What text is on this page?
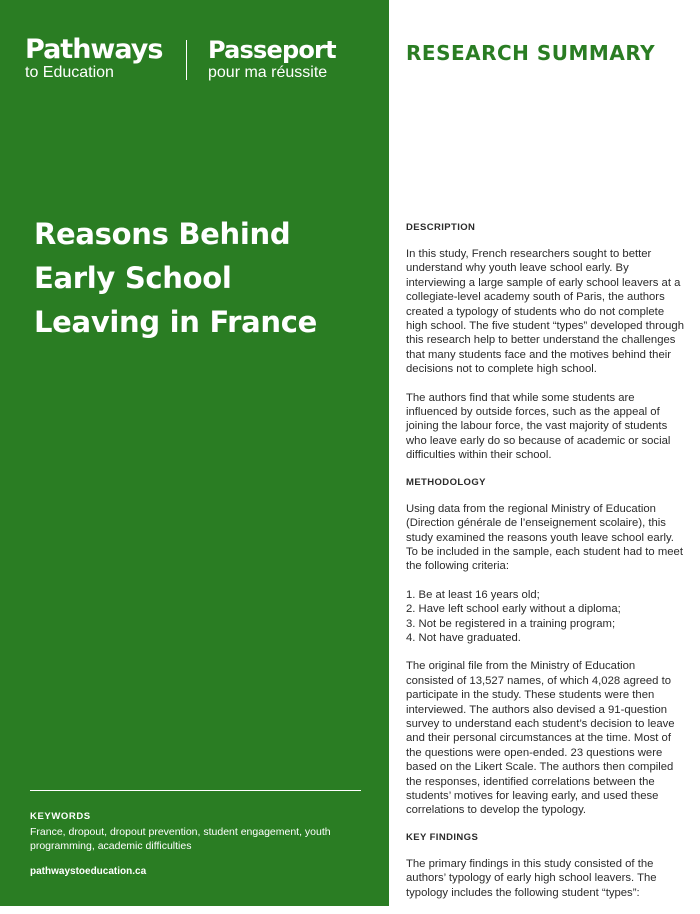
Pathways
to Education
Passeport
pour ma réussite
Reasons Behind
Early School
Leaving in France
KEYWORDS
France, dropout, dropout prevention, student engagement, youth programming, academic difficulties
pathwaystoeducation.ca
RESEARCH SUMMARY
DESCRIPTION

In this study, French researchers sought to better understand why youth leave school early. By interviewing a large sample of early school leavers at a collegiate-level academy south of Paris, the authors created a typology of students who do not complete high school. The five student “types” developed through this research help to better understand the challenges that many students face and the motives behind their decisions not to complete high school.

The authors find that while some students are influenced by outside forces, such as the appeal of joining the labour force, the vast majority of students who leave early do so because of academic or social difficulties within their school.

METHODOLOGY

Using data from the regional Ministry of Education (Direction générale de l’enseignement scolaire), this study examined the reasons youth leave school early. To be included in the sample, each student had to meet the following criteria:

1. Be at least 16 years old;
2. Have left school early without a diploma;
3. Not be registered in a training program;
4. Not have graduated.

The original file from the Ministry of Education consisted of 13,527 names, of which 4,028 agreed to participate in the study. These students were then interviewed. The authors also devised a 91-question survey to understand each student’s decision to leave and their personal circumstances at the time. Most of the questions were open-ended. 23 questions were based on the Likert Scale. The authors then compiled the responses, identified correlations between the students’ motives for leaving early, and used these correlations to develop the typology.

KEY FINDINGS

The primary findings in this study consisted of the authors’ typology of early high school leavers. The typology includes the following student “types”:
